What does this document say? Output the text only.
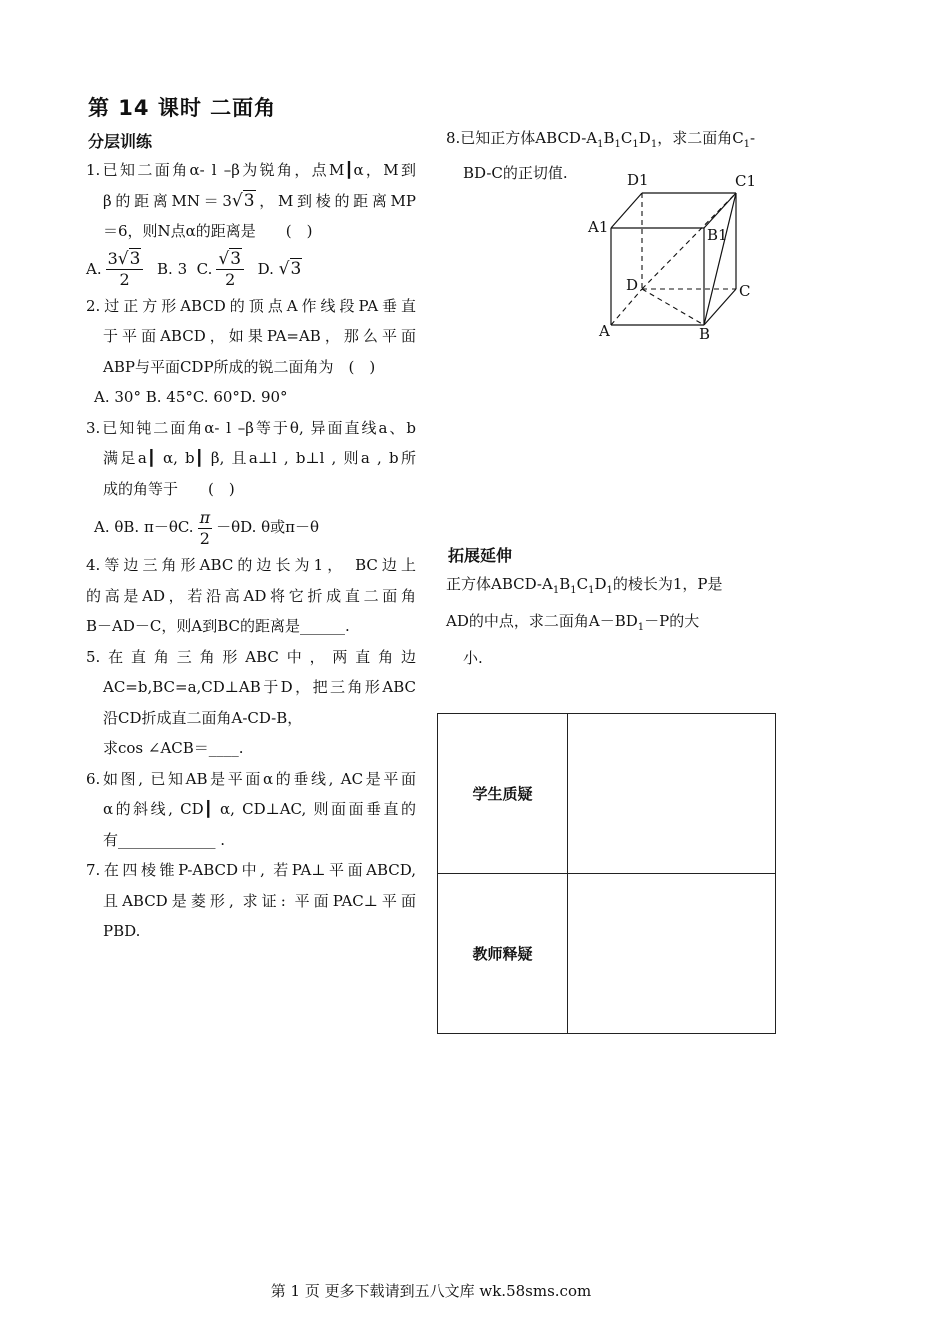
第 14 课时 二面角
分层训练

1.已知二面角α- l –β为锐角，点M┃α，M到

β的距离MN＝3√3，M到棱的距离MP

＝6，则N点α的距离是　　(　)

A. $\frac{3√3}{2} B$. 3 C. $\frac{√3}{2} D$. √3

2.过正方形ABCD的顶点A作线段PA垂直

于平面ABCD，如果PA=AB，那么平面

ABP与平面CDP所成的锐二面角为　(　)

A. 30° B. 45°C. 60°D. 90°

3.已知钝二面角α- l –β等于θ, 异面直线a、b

满足a┃ α, b┃ β, 且a⊥l , b⊥l , 则a , b所

成的角等于　　(　)

A. θB. π－θC. $\frac{\pi}{2} -\theta D$. θ或π－θ

4.等边三角形ABC的边长为1， BC边上

的高是AD，若沿高AD将它折成直二面角

B－AD－C，则A到BC的距离是______.

5.在直角三角形ABC中，两直角边

AC=b,BC=a,CD⊥AB于D，把三角形ABC

沿CD折成直二面角A-CD-B，

求cos ∠ACB＝____.

6.如图, 已知AB是平面α的垂线, AC是平面

α的斜线, CD┃ α, CD⊥AC, 则面面垂直的

有_____________ .

7.在四棱锥P-ABCD中, 若PA⊥平面ABCD,

且ABCD是菱形, 求证: 平面PAC⊥平面

PBD.

8.已知正方体ABCD-$A_1B_1C_1D_1$，求二面角$C_1-$

BD-C的正切值.	D1	C1
A1	B1
D	C
A	B
拓展延伸

正方体ABCD-$A_1B_1C_1D_1$的棱长为1，P是

AD的中点，求二面角$A-BD_1-P$的大

小.

学生质疑	
教师释疑	
第 1 页 更多下载请到五八文库 wk.58sms.com
